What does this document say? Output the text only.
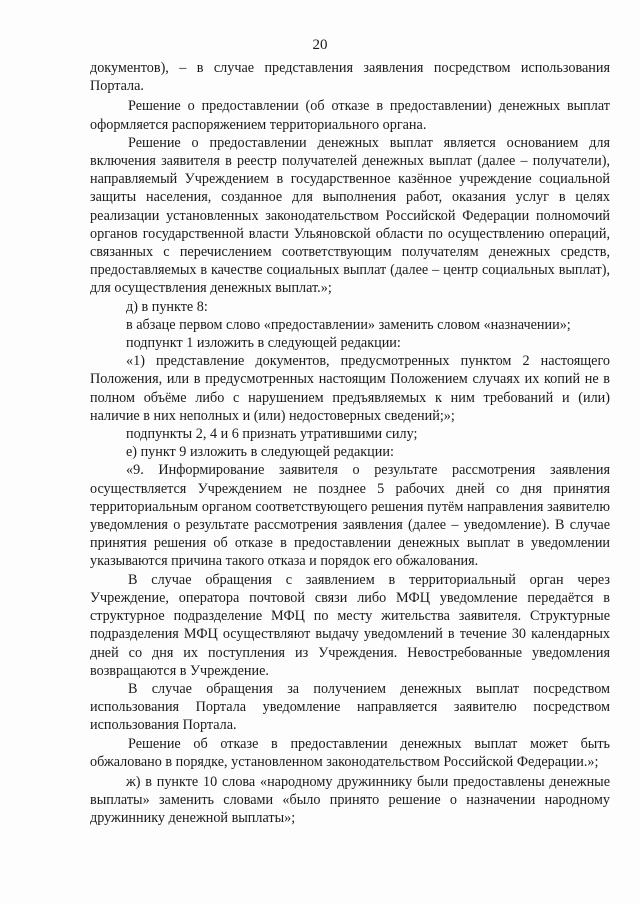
20

документов), – в случае представления заявления посредством использования Портала.

Решение о предоставлении (об отказе в предоставлении) денежных выплат оформляется распоряжением территориального органа.

Решение о предоставлении денежных выплат является основанием для включения заявителя в реестр получателей денежных выплат (далее – получатели), направляемый Учреждением в государственное казённое учреждение социальной защиты населения, созданное для выполнения работ, оказания услуг в целях реализации установленных законодательством Российской Федерации полномочий органов государственной власти Ульяновской области по осуществлению операций, связанных с перечислением соответствующим получателям денежных средств, предоставляемых в качестве социальных выплат (далее – центр социальных выплат), для осуществления денежных выплат.»;

д) в пункте 8:

в абзаце первом слово «предоставлении» заменить словом «назначении»;

подпункт 1 изложить в следующей редакции:

«1) представление документов, предусмотренных пунктом 2 настоящего Положения, или в предусмотренных настоящим Положением случаях их копий не в полном объёме либо с нарушением предъявляемых к ним требований и (или) наличие в них неполных и (или) недостоверных сведений;»;

подпункты 2, 4 и 6 признать утратившими силу;

е) пункт 9 изложить в следующей редакции:

«9. Информирование заявителя о результате рассмотрения заявления осуществляется Учреждением не позднее 5 рабочих дней со дня принятия территориальным органом соответствующего решения путём направления заявителю уведомления о результате рассмотрения заявления (далее – уведомление). В случае принятия решения об отказе в предоставлении денежных выплат в уведомлении указываются причина такого отказа и порядок его обжалования.

В случае обращения с заявлением в территориальный орган через Учреждение, оператора почтовой связи либо МФЦ уведомление передаётся в структурное подразделение МФЦ по месту жительства заявителя. Структурные подразделения МФЦ осуществляют выдачу уведомлений в течение 30 календарных дней со дня их поступления из Учреждения. Невостребованные уведомления возвращаются в Учреждение.

В случае обращения за получением денежных выплат посредством использования Портала уведомление направляется заявителю посредством использования Портала.

Решение об отказе в предоставлении денежных выплат может быть обжаловано в порядке, установленном законодательством Российской Федерации.»;

ж) в пункте 10 слова «народному дружиннику были предоставлены денежные выплаты» заменить словами «было принято решение о назначении народному дружиннику денежной выплаты»;
